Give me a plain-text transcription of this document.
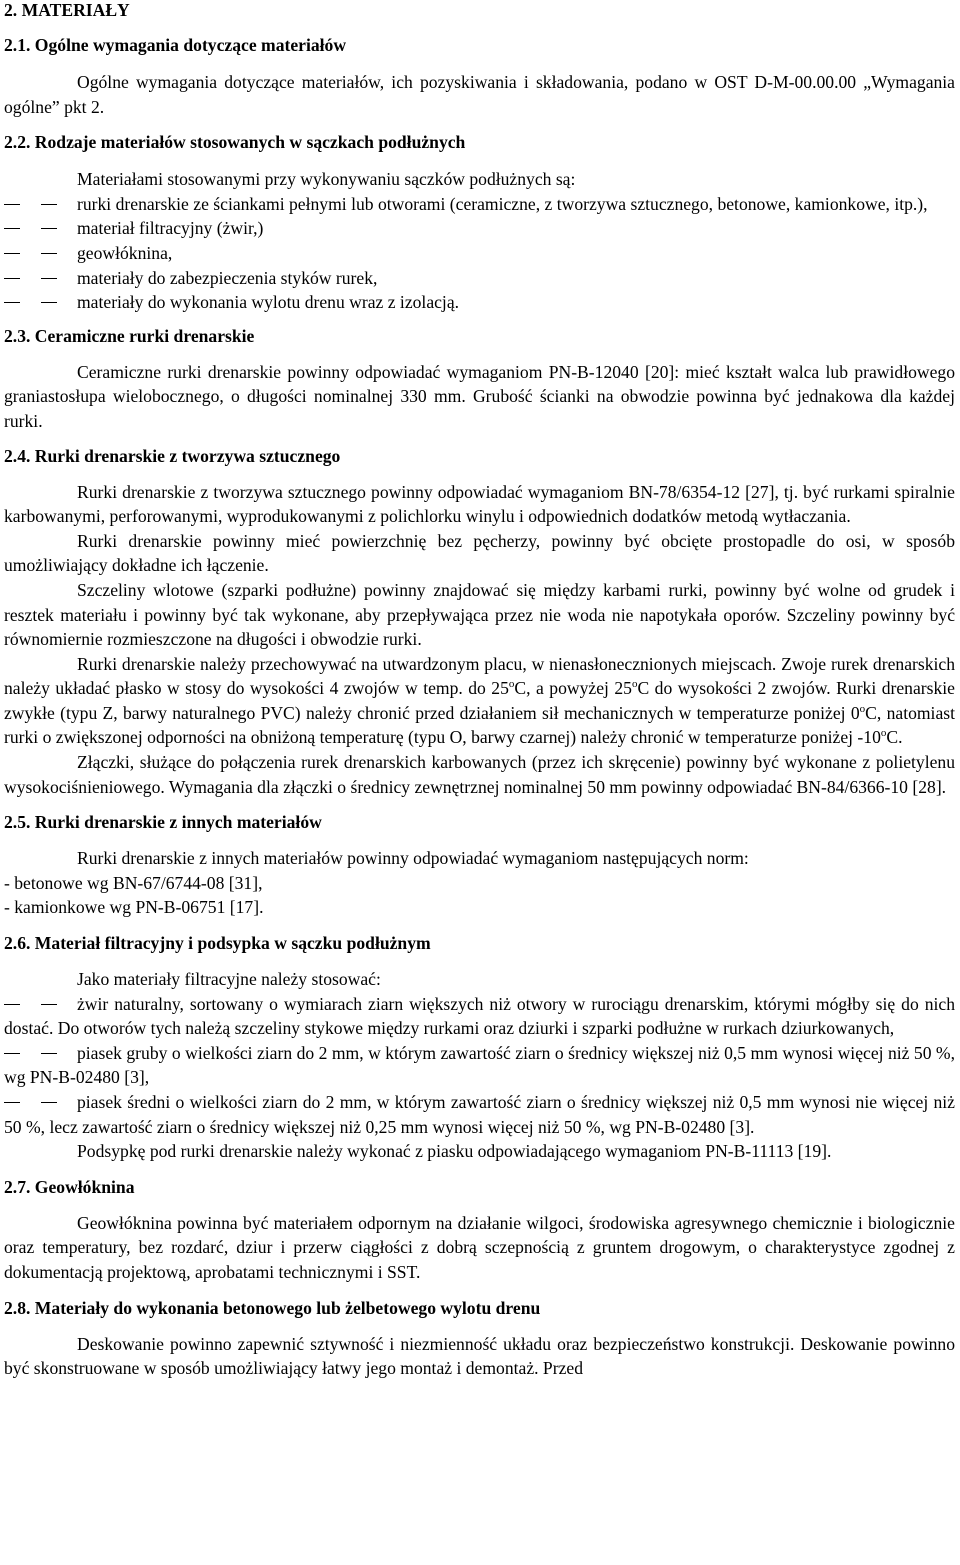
2. MATERIAŁY
2.1. Ogólne wymagania dotyczące materiałów
Ogólne wymagania dotyczące materiałów, ich pozyskiwania i składowania, podano w OST D-M-00.00.00 „Wymagania ogólne” pkt 2.
2.2. Rodzaje materiałów stosowanych w sączkach podłużnych
Materiałami stosowanymi przy wykonywaniu sączków podłużnych są:
rurki drenarskie ze ściankami pełnymi lub otworami (ceramiczne, z tworzywa sztucznego, betonowe, kamionkowe, itp.),
materiał filtracyjny (żwir,)
geowłóknina,
materiały do zabezpieczenia styków rurek,
materiały do wykonania wylotu drenu wraz z izolacją.
2.3. Ceramiczne rurki drenarskie
Ceramiczne rurki drenarskie powinny odpowiadać wymaganiom PN-B-12040 [20]: mieć kształt walca lub prawidłowego graniastosłupa wielobocznego, o długości nominalnej 330 mm. Grubość ścianki na obwodzie powinna być jednakowa dla każdej rurki.
2.4. Rurki drenarskie z tworzywa sztucznego
Rurki drenarskie z tworzywa sztucznego powinny odpowiadać wymaganiom BN-78/6354-12 [27], tj. być rurkami spiralnie karbowanymi, perforowanymi, wyprodukowanymi z polichlorku winylu i odpowiednich dodatków metodą wytłaczania.
Rurki drenarskie powinny mieć powierzchnię bez pęcherzy, powinny być obcięte prostopadle do osi, w sposób umożliwiający dokładne ich łączenie.
Szczeliny wlotowe (szparki podłużne) powinny znajdować się między karbami rurki, powinny być wolne od grudek i resztek materiału i powinny być tak wykonane, aby przepływająca przez nie woda nie napotykała oporów. Szczeliny powinny być równomiernie rozmieszczone na długości i obwodzie rurki.
Rurki drenarskie należy przechowywać na utwardzonym placu, w nienasłonecznionych miejscach. Zwoje rurek drenarskich należy układać płasko w stosy do wysokości 4 zwojów w temp. do 25$^o$C, a powyżej 25$^o$C do wysokości 2 zwojów. Rurki drenarskie zwykłe (typu Z, barwy naturalnego PVC) należy chronić przed działaniem sił mechanicznych w temperaturze poniżej 0$^o$C, natomiast rurki o zwiększonej odporności na obniżoną temperaturę (typu O, barwy czarnej) należy chronić w temperaturze poniżej -10$^o$C.
Złączki, służące do połączenia rurek drenarskich karbowanych (przez ich skręcenie) powinny być wykonane z polietylenu wysokociśnieniowego. Wymagania dla złączki o średnicy zewnętrznej nominalnej 50 mm powinny odpowiadać BN-84/6366-10 [28].
2.5. Rurki drenarskie z innych materiałów
Rurki drenarskie z innych materiałów powinny odpowiadać wymaganiom następujących norm:
- betonowe wg BN-67/6744-08 [31],
- kamionkowe wg PN-B-06751 [17].
2.6. Materiał filtracyjny i podsypka w sączku podłużnym
Jako materiały filtracyjne należy stosować:
żwir naturalny, sortowany o wymiarach ziarn większych niż otwory w rurociągu drenarskim, którymi mógłby się do nich dostać. Do otworów tych należą szczeliny stykowe między rurkami oraz dziurki i szparki podłużne w rurkach dziurkowanych,
piasek gruby o wielkości ziarn do 2 mm, w którym zawartość ziarn o średnicy większej niż 0,5 mm wynosi więcej niż 50 %, wg PN-B-02480 [3],
piasek średni o wielkości ziarn do 2 mm, w którym zawartość ziarn o średnicy większej niż 0,5 mm wynosi nie więcej niż 50 %, lecz zawartość ziarn o średnicy większej niż 0,25 mm wynosi więcej niż 50 %, wg PN-B-02480 [3].
Podsypkę pod rurki drenarskie należy wykonać z piasku odpowiadającego wymaganiom PN-B-11113 [19].
2.7. Geowłóknina
Geowłóknina powinna być materiałem odpornym na działanie wilgoci, środowiska agresywnego chemicznie i biologicznie oraz temperatury, bez rozdarć, dziur i przerw ciągłości z dobrą sczepnością z gruntem drogowym, o charakterystyce zgodnej z dokumentacją projektową, aprobatami technicznymi i SST.
2.8. Materiały do wykonania betonowego lub żelbetowego wylotu drenu
Deskowanie powinno zapewnić sztywność i niezmienność układu oraz bezpieczeństwo konstrukcji. Deskowanie powinno być skonstruowane w sposób umożliwiający łatwy jego montaż i demontaż. Przed
